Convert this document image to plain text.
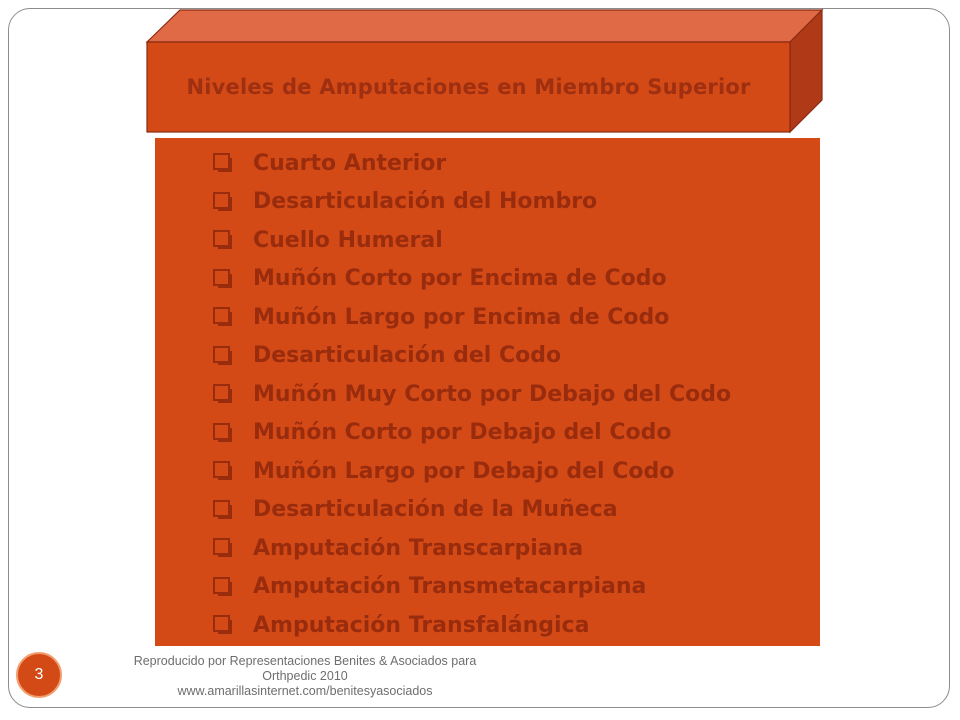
Niveles de Amputaciones en Miembro Superior
Cuarto Anterior
Desarticulación del Hombro
Cuello Humeral
Muñón Corto por Encima de Codo
Muñón Largo por Encima de Codo
Desarticulación del Codo
Muñón Muy Corto por Debajo del Codo
Muñón Corto por Debajo del Codo
Muñón Largo por Debajo del Codo
Desarticulación de la Muñeca
Amputación Transcarpiana
Amputación Transmetacarpiana
Amputación Transfalángica
3
Reproducido por Representaciones Benites & Asociados para
Orthpedic 2010
www.amarillasinternet.com/benitesyasociados
